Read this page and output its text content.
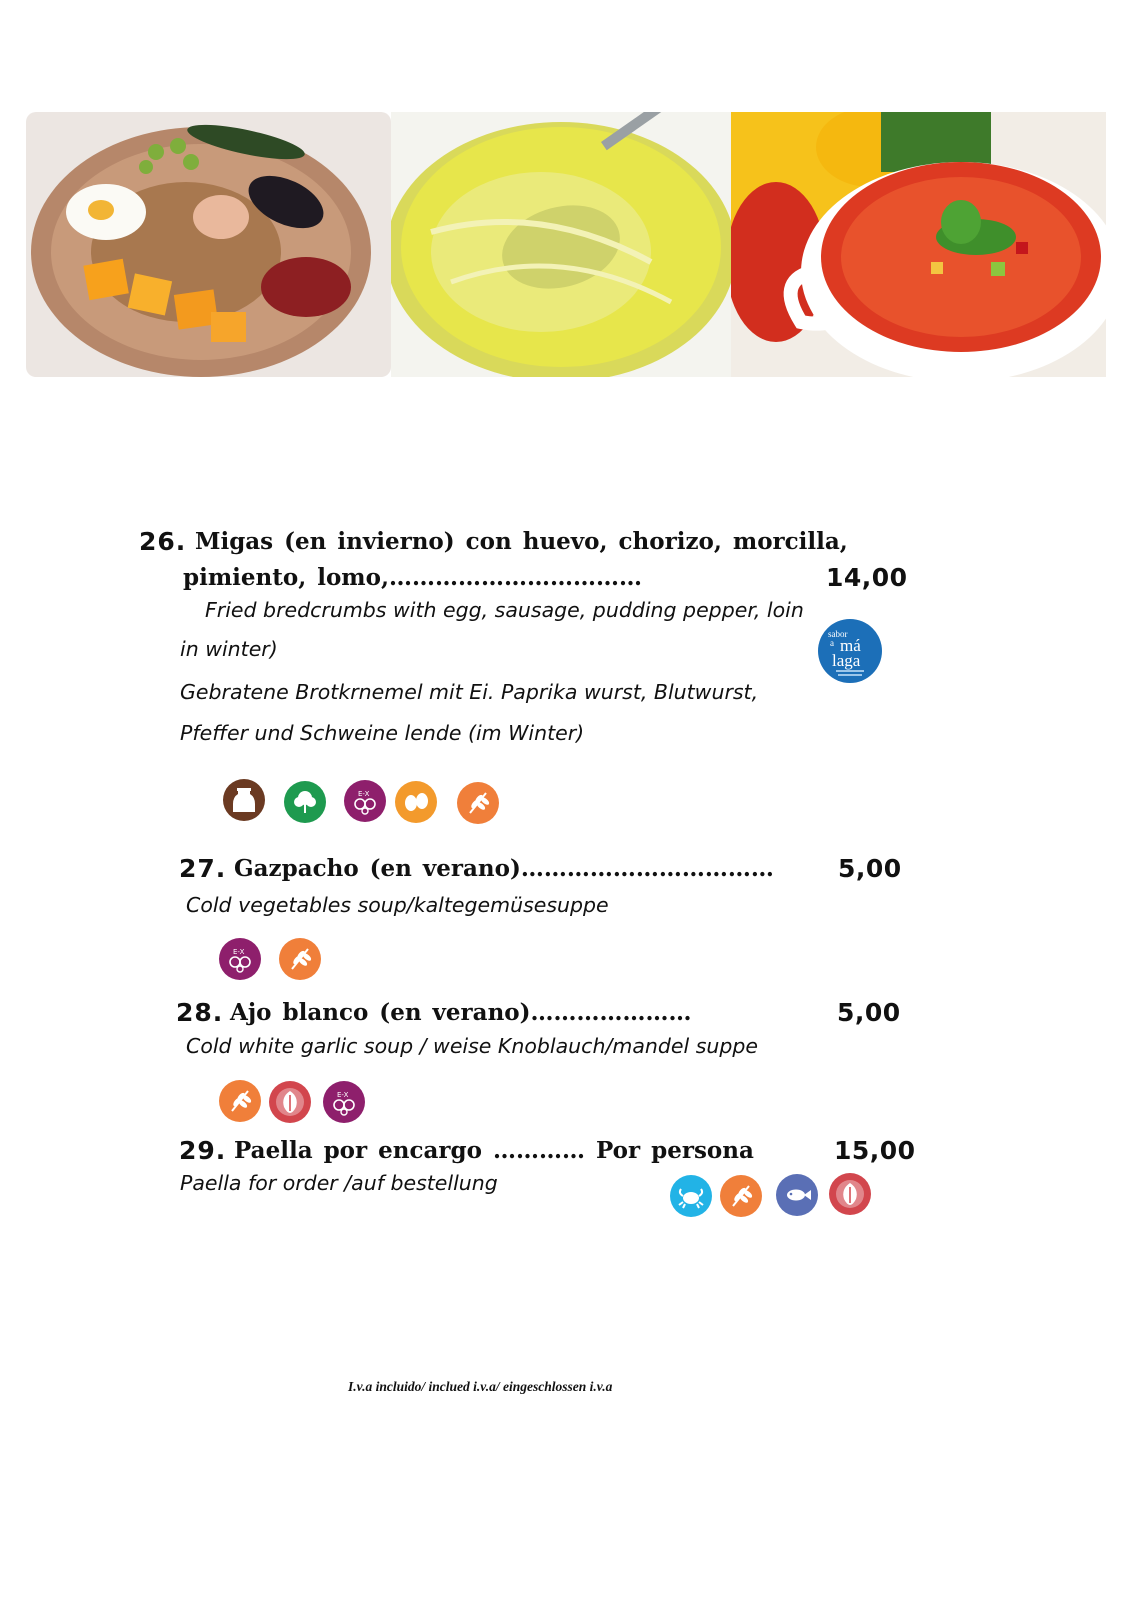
26. Migas (en invierno) con huevo, chorizo, morcilla,
pimiento, lomo,……………………………	14,00
Fried bredcrumbs with egg, sausage, pudding pepper, loin
in winter)
Gebratene Brotkrnemel mit Ei. Paprika wurst, Blutwurst,
Pfeffer und Schweine lende (im Winter)
sabor
a má
laga
E-X
27. Gazpacho (en verano)……………………………	5,00
Cold vegetables soup/kaltegemüsesuppe
E-X
28. Ajo blanco (en verano)…………………	5,00
Cold white garlic soup / weise Knoblauch/mandel suppe
E-X
29. Paella por encargo ………… Por persona	15,00
Paella for order /auf bestellung
I.v.a incluido/ inclued i.v.a/ eingeschlossen i.v.a
